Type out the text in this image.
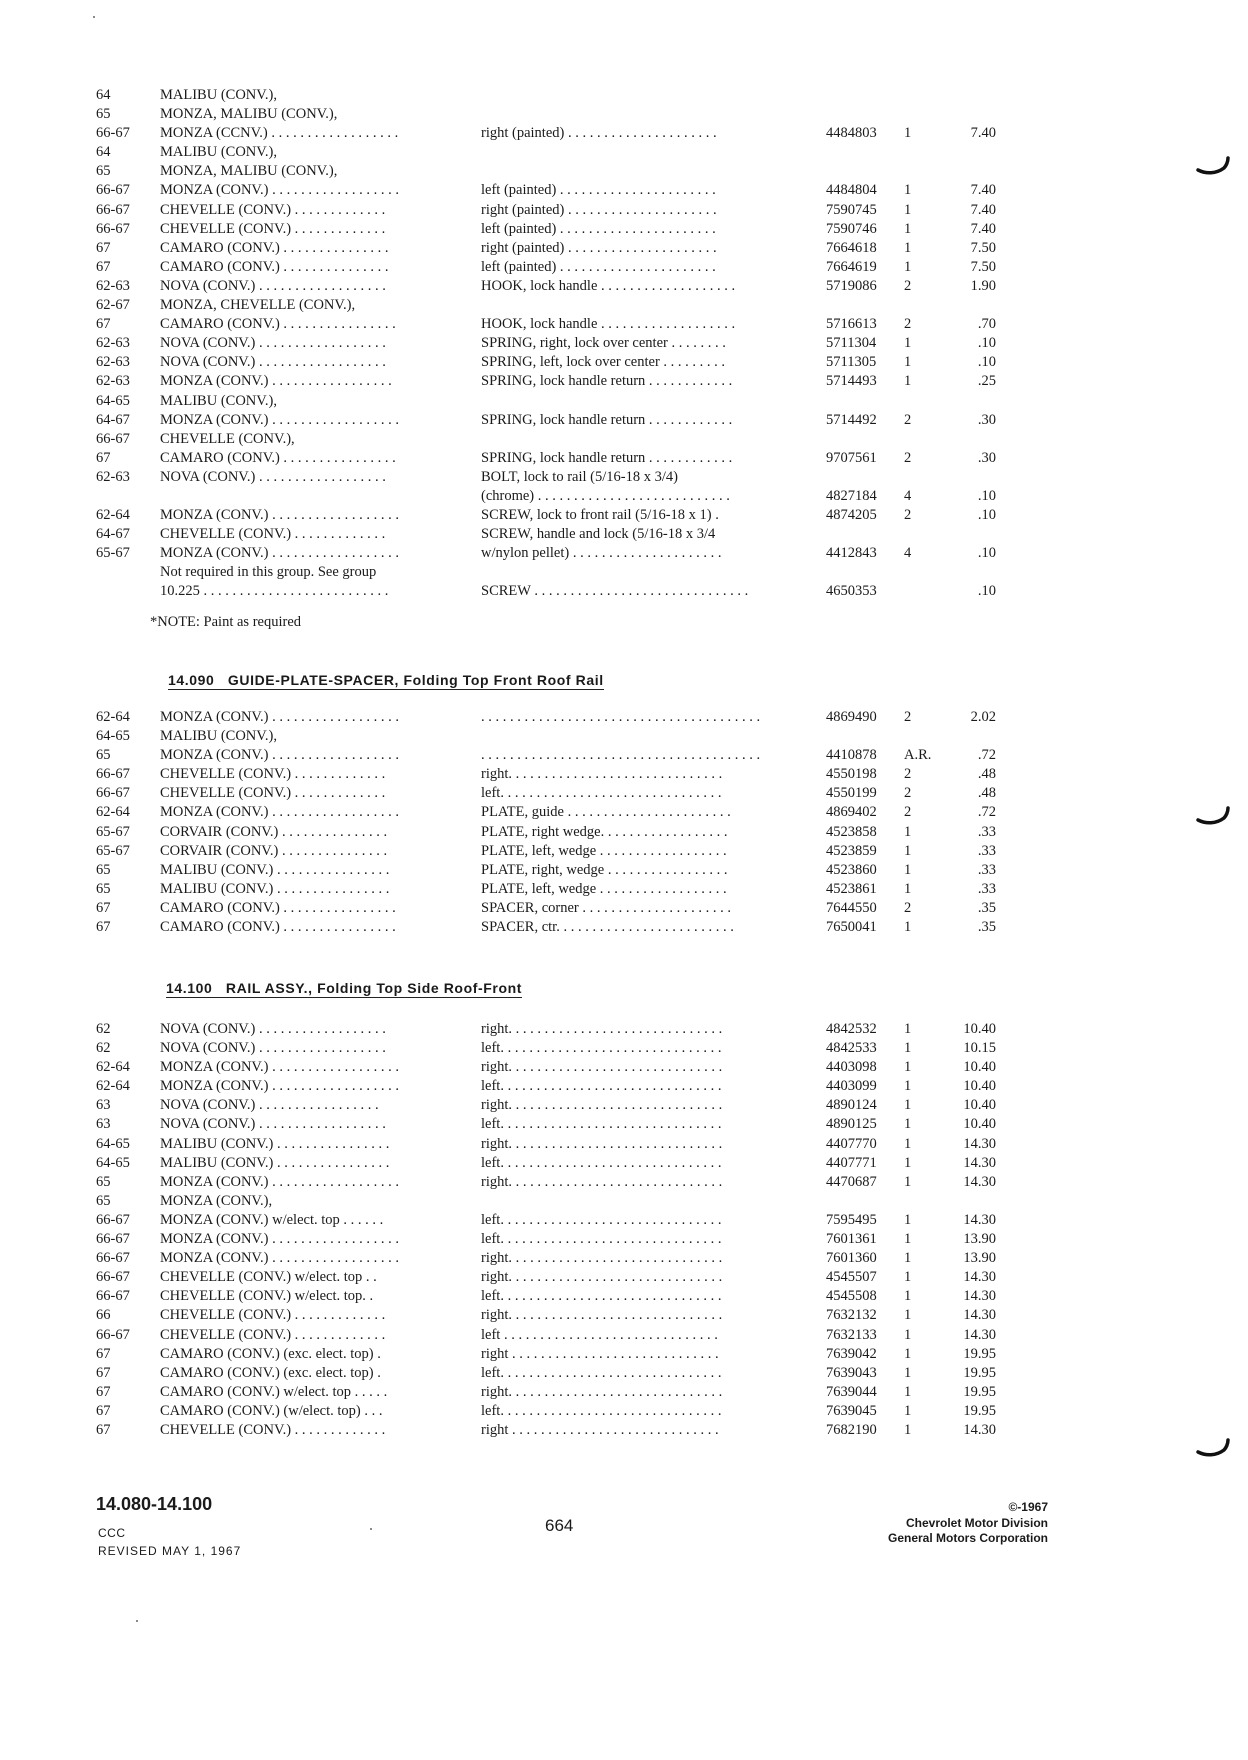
64	MALIBU (CONV.),
65	MONZA, MALIBU (CONV.),
66-67 MONZA (CCNV.) . . . . . . . . . . . . . . . . . .	right (painted) . . . . . . . . . . . . . . . . . . . . .	4484803 1	7.40
64	MALIBU (CONV.),
65	MONZA, MALIBU (CONV.),
66-67 MONZA (CONV.) . . . . . . . . . . . . . . . . . .	left (painted) . . . . . . . . . . . . . . . . . . . . . .	4484804 1	7.40
66-67 CHEVELLE (CONV.) . . . . . . . . . . . . .	right (painted) . . . . . . . . . . . . . . . . . . . . .	7590745 1	7.40
66-67 CHEVELLE (CONV.) . . . . . . . . . . . . .	left (painted) . . . . . . . . . . . . . . . . . . . . . .	7590746 1	7.40
67	CAMARO (CONV.) . . . . . . . . . . . . . . .	right (painted) . . . . . . . . . . . . . . . . . . . . .	7664618 1	7.50
67	CAMARO (CONV.) . . . . . . . . . . . . . . .	left (painted) . . . . . . . . . . . . . . . . . . . . . .	7664619 1	7.50
62-63 NOVA (CONV.) . . . . . . . . . . . . . . . . . .	HOOK, lock handle . . . . . . . . . . . . . . . . . . .	5719086 2	1.90
62-67 MONZA, CHEVELLE (CONV.),
67	CAMARO (CONV.) . . . . . . . . . . . . . . . .	HOOK, lock handle . . . . . . . . . . . . . . . . . . .	5716613 2	.70
62-63 NOVA (CONV.) . . . . . . . . . . . . . . . . . .	SPRING, right, lock over center . . . . . . . .	5711304 1	.10
62-63 NOVA (CONV.) . . . . . . . . . . . . . . . . . .	SPRING, left, lock over center . . . . . . . . .	5711305 1	.10
62-63 MONZA (CONV.) . . . . . . . . . . . . . . . . .	SPRING, lock handle return . . . . . . . . . . . .	5714493 1	.25
64-65 MALIBU (CONV.),
64-67 MONZA (CONV.) . . . . . . . . . . . . . . . . . .	SPRING, lock handle return . . . . . . . . . . . .	5714492 2	.30
66-67 CHEVELLE (CONV.),
67	CAMARO (CONV.) . . . . . . . . . . . . . . . .	SPRING, lock handle return . . . . . . . . . . . .	9707561 2	.30
62-63 NOVA (CONV.) . . . . . . . . . . . . . . . . . .	BOLT, lock to rail (5/16-18 x 3/4)
(chrome) . . . . . . . . . . . . . . . . . . . . . . . . . . .	4827184 4	.10
62-64 MONZA (CONV.) . . . . . . . . . . . . . . . . . .	SCREW, lock to front rail (5/16-18 x 1) .	4874205 2	.10
64-67 CHEVELLE (CONV.) . . . . . . . . . . . . .	SCREW, handle and lock (5/16-18 x 3/4
65-67 MONZA (CONV.) . . . . . . . . . . . . . . . . . .	w/nylon pellet) . . . . . . . . . . . . . . . . . . . . .	4412843 4	.10
Not required in this group. See group
10.225 . . . . . . . . . . . . . . . . . . . . . . . . . .	SCREW . . . . . . . . . . . . . . . . . . . . . . . . . . . . . .	4650353	.10
*NOTE: Paint as required
14.090 GUIDE-PLATE-SPACER, Folding Top Front Roof Rail
62-64 MONZA (CONV.) . . . . . . . . . . . . . . . . . .	. . . . . . . . . . . . . . . . . . . . . . . . . . . . . . . . . . . . . . .	4869490 2	2.02
64-65 MALIBU (CONV.),
65	MONZA (CONV.) . . . . . . . . . . . . . . . . . .	. . . . . . . . . . . . . . . . . . . . . . . . . . . . . . . . . . . . . . .	4410878 A.R.	.72
66-67 CHEVELLE (CONV.) . . . . . . . . . . . . .	right. . . . . . . . . . . . . . . . . . . . . . . . . . . . . .	4550198 2	.48
66-67 CHEVELLE (CONV.) . . . . . . . . . . . . .	left. . . . . . . . . . . . . . . . . . . . . . . . . . . . . . .	4550199 2	.48
62-64 MONZA (CONV.) . . . . . . . . . . . . . . . . . .	PLATE, guide . . . . . . . . . . . . . . . . . . . . . . .	4869402 2	.72
65-67 CORVAIR (CONV.) . . . . . . . . . . . . . . .	PLATE, right wedge. . . . . . . . . . . . . . . . . .	4523858 1	.33
65-67 CORVAIR (CONV.) . . . . . . . . . . . . . . .	PLATE, left, wedge . . . . . . . . . . . . . . . . . .	4523859 1	.33
65	MALIBU (CONV.) . . . . . . . . . . . . . . . .	PLATE, right, wedge . . . . . . . . . . . . . . . . .	4523860 1	.33
65	MALIBU (CONV.) . . . . . . . . . . . . . . . .	PLATE, left, wedge . . . . . . . . . . . . . . . . . .	4523861 1	.33
67	CAMARO (CONV.) . . . . . . . . . . . . . . . .	SPACER, corner . . . . . . . . . . . . . . . . . . . . .	7644550 2	.35
67	CAMARO (CONV.) . . . . . . . . . . . . . . . .	SPACER, ctr. . . . . . . . . . . . . . . . . . . . . . . . .	7650041 1	.35
14.100 RAIL ASSY., Folding Top Side Roof-Front
62	NOVA (CONV.) . . . . . . . . . . . . . . . . . .	right. . . . . . . . . . . . . . . . . . . . . . . . . . . . . .	4842532 1	10.40
62	NOVA (CONV.) . . . . . . . . . . . . . . . . . .	left. . . . . . . . . . . . . . . . . . . . . . . . . . . . . . .	4842533 1	10.15
62-64 MONZA (CONV.) . . . . . . . . . . . . . . . . . .	right. . . . . . . . . . . . . . . . . . . . . . . . . . . . . .	4403098 1	10.40
62-64 MONZA (CONV.) . . . . . . . . . . . . . . . . . .	left. . . . . . . . . . . . . . . . . . . . . . . . . . . . . . .	4403099 1	10.40
63	NOVA (CONV.) . . . . . . . . . . . . . . . . .	right. . . . . . . . . . . . . . . . . . . . . . . . . . . . . .	4890124 1	10.40
63	NOVA (CONV.) . . . . . . . . . . . . . . . . . .	left. . . . . . . . . . . . . . . . . . . . . . . . . . . . . . .	4890125 1	10.40
64-65 MALIBU (CONV.) . . . . . . . . . . . . . . . .	right. . . . . . . . . . . . . . . . . . . . . . . . . . . . . .	4407770 1	14.30
64-65 MALIBU (CONV.) . . . . . . . . . . . . . . . .	left. . . . . . . . . . . . . . . . . . . . . . . . . . . . . . .	4407771 1	14.30
65	MONZA (CONV.) . . . . . . . . . . . . . . . . . .	right. . . . . . . . . . . . . . . . . . . . . . . . . . . . . .	4470687 1	14.30
65	MONZA (CONV.),
66-67 MONZA (CONV.) w/elect. top . . . . . .	left. . . . . . . . . . . . . . . . . . . . . . . . . . . . . . .	7595495 1	14.30
66-67 MONZA (CONV.) . . . . . . . . . . . . . . . . . .	left. . . . . . . . . . . . . . . . . . . . . . . . . . . . . . .	7601361 1	13.90
66-67 MONZA (CONV.) . . . . . . . . . . . . . . . . . .	right. . . . . . . . . . . . . . . . . . . . . . . . . . . . . .	7601360 1	13.90
66-67 CHEVELLE (CONV.) w/elect. top . .	right. . . . . . . . . . . . . . . . . . . . . . . . . . . . . .	4545507 1	14.30
66-67 CHEVELLE (CONV.) w/elect. top. .	left. . . . . . . . . . . . . . . . . . . . . . . . . . . . . . .	4545508 1	14.30
66	CHEVELLE (CONV.) . . . . . . . . . . . . .	right. . . . . . . . . . . . . . . . . . . . . . . . . . . . . .	7632132 1	14.30
66-67 CHEVELLE (CONV.) . . . . . . . . . . . . .	left . . . . . . . . . . . . . . . . . . . . . . . . . . . . . .	7632133 1	14.30
67	CAMARO (CONV.) (exc. elect. top) .	right . . . . . . . . . . . . . . . . . . . . . . . . . . . . .	7639042 1	19.95
67	CAMARO (CONV.) (exc. elect. top) .	left. . . . . . . . . . . . . . . . . . . . . . . . . . . . . . .	7639043 1	19.95
67	CAMARO (CONV.) w/elect. top . . . . .	right. . . . . . . . . . . . . . . . . . . . . . . . . . . . . .	7639044 1	19.95
67	CAMARO (CONV.) (w/elect. top) . . .	left. . . . . . . . . . . . . . . . . . . . . . . . . . . . . . .	7639045 1	19.95
67	CHEVELLE (CONV.) . . . . . . . . . . . . .	right . . . . . . . . . . . . . . . . . . . . . . . . . . . . .	7682190 1	14.30
14.080-14.100
CCC
REVISED MAY 1, 1967
664
©-1967
Chevrolet Motor Division
General Motors Corporation
